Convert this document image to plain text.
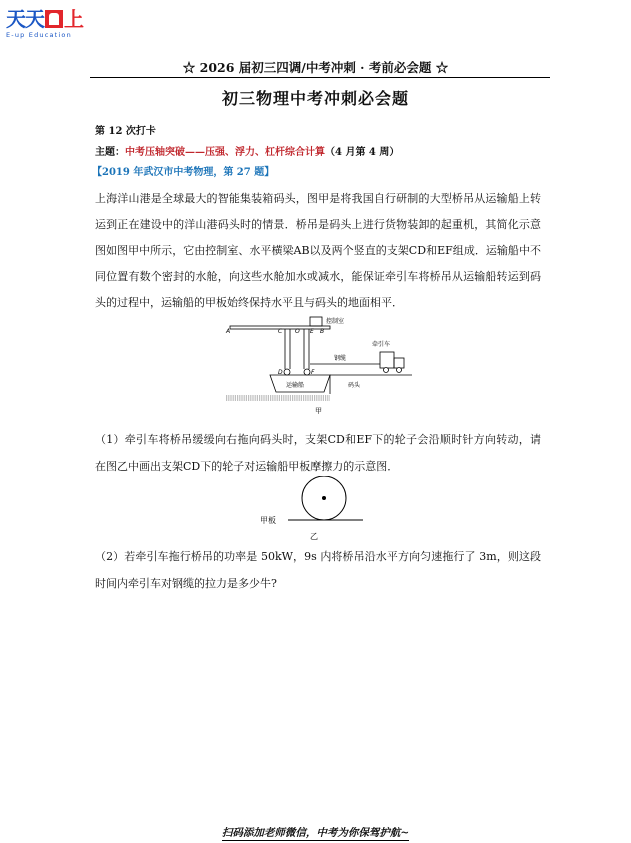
天天 上
E-up Education
☆ 2026 届初三四调/中考冲刺 · 考前必会题 ☆
初三物理中考冲刺必会题
第 12 次打卡
主题：中考压轴突破——压强、浮力、杠杆综合计算（4 月第 4 周）
【2019 年武汉市中考物理，第 27 题】
上海洋山港是全球最大的智能集装箱码头，图甲是将我国自行研制的大型桥吊从运输船上转运到正在建设中的洋山港码头时的情景．桥吊是码头上进行货物装卸的起重机，其简化示意图如图甲中所示，它由控制室、水平横梁AB以及两个竖直的支架CD和EF组成．运输船中不同位置有数个密封的水舱，向这些水舱加水或减水，能保证牵引车将桥吊从运输船转运到码头的过程中，运输船的甲板始终保持水平且与码头的地面相平．
控制室
钢缆
牵引车
运输船	码头
A	C O E B
D	F
甲
（1）牵引车将桥吊缓缓向右拖向码头时，支架CD和EF下的轮子会沿顺时针方向转动，请在图乙中画出支架CD下的轮子对运输船甲板摩擦力的示意图．
甲板
乙
（2）若牵引车拖行桥吊的功率是 50kW，9s 内将桥吊沿水平方向匀速拖行了 3m，则这段时间内牵引车对钢缆的拉力是多少牛?
扫码添加老师微信，中考为你保驾护航~
